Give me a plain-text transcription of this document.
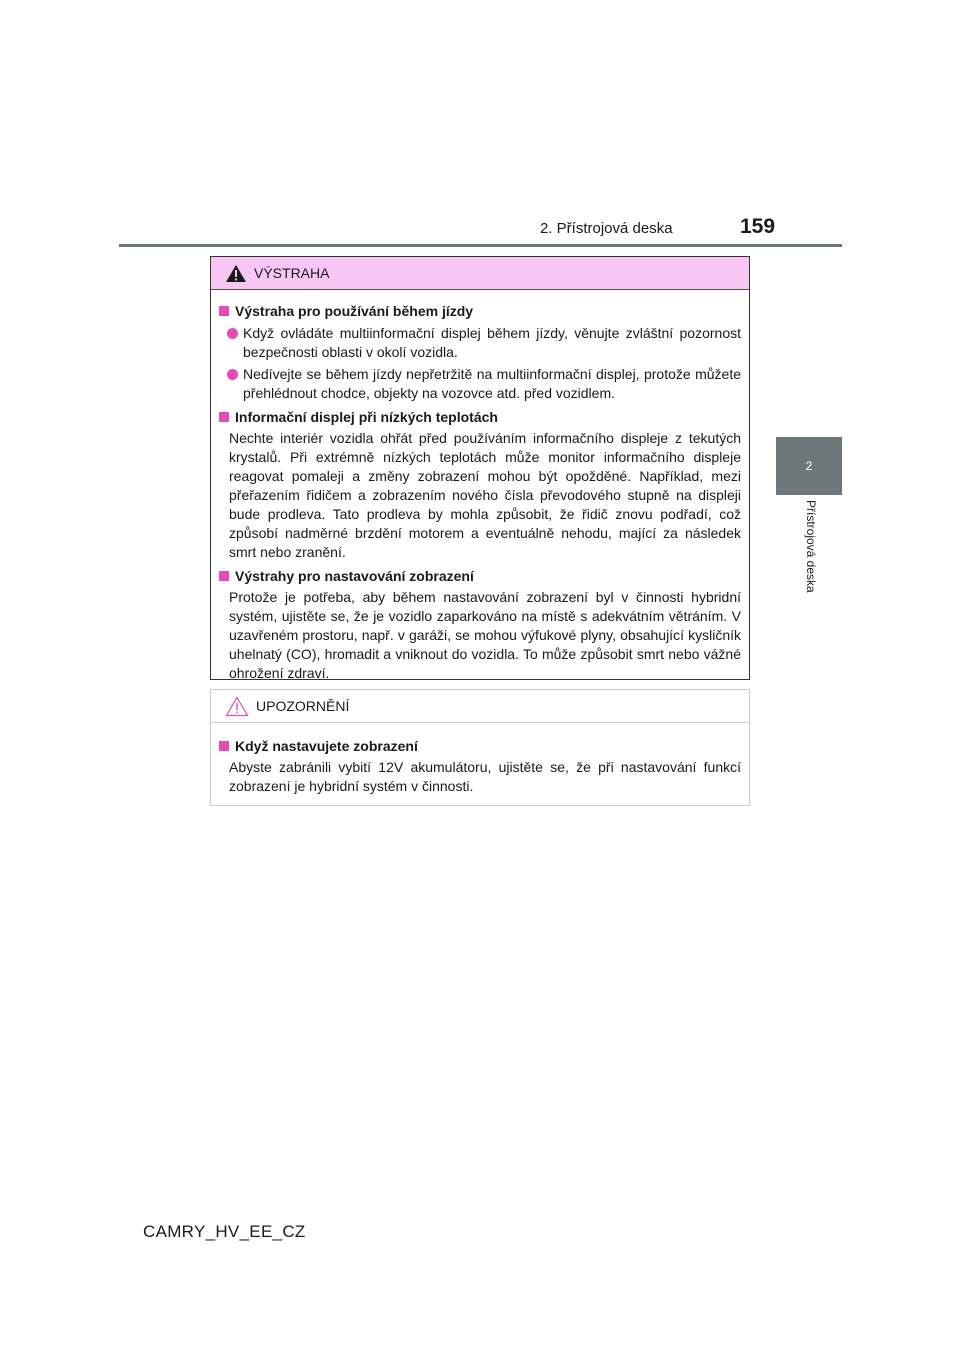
2. Přístrojová deska	159
2
Přístrojová deska
VÝSTRAHA
Výstraha pro používání během jízdy
Když ovládáte multiinformační displej během jízdy, věnujte zvláštní pozornost bezpečnosti oblasti v okolí vozidla.
Nedívejte se během jízdy nepřetržitě na multiinformační displej, protože můžete přehlédnout chodce, objekty na vozovce atd. před vozidlem.
Informační displej při nízkých teplotách
Nechte interiér vozidla ohřát před používáním informačního displeje z tekutých krystalů. Při extrémně nízkých teplotách může monitor informačního displeje reagovat pomaleji a změny zobrazení mohou být opožděné. Například, mezi přeřazením řidičem a zobrazením nového čísla převodového stupně na displeji bude prodleva. Tato prodleva by mohla způsobit, že řidič znovu podřadí, což způsobí nadměrné brzdění motorem a eventuálně nehodu, mající za následek smrt nebo zranění.
Výstrahy pro nastavování zobrazení
Protože je potřeba, aby během nastavování zobrazení byl v činnosti hybridní systém, ujistěte se, že je vozidlo zaparkováno na místě s adekvátním větráním. V uzavřeném prostoru, např. v garáži, se mohou výfukové plyny, obsahující kysličník uhelnatý (CO), hromadit a vniknout do vozidla. To může způsobit smrt nebo vážné ohrožení zdraví.
UPOZORNĚNÍ
Když nastavujete zobrazení
Abyste zabránili vybití 12V akumulátoru, ujistěte se, že při nastavování funkcí zobrazení je hybridní systém v činnosti.
CAMRY_HV_EE_CZ
